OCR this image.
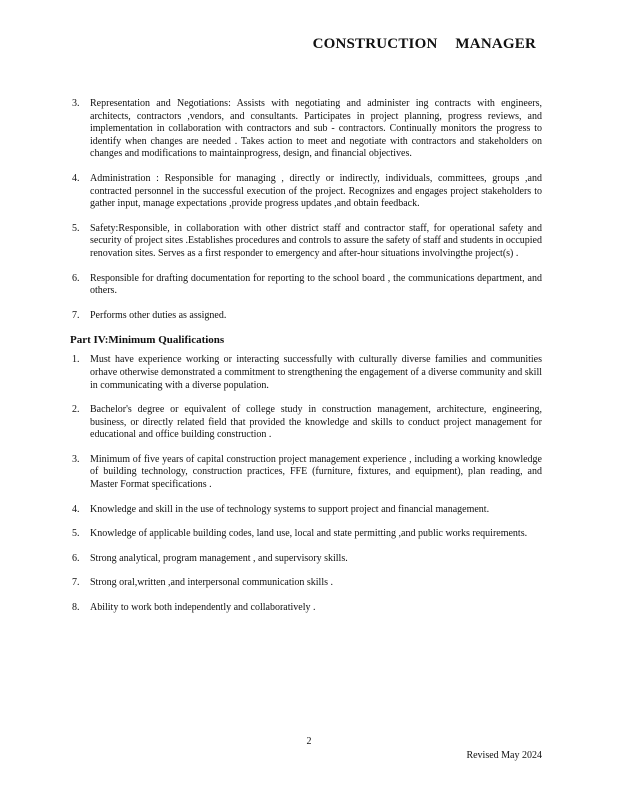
CONSTRUCTION MANAGER
3. Representation and Negotiations: Assists with negotiating and administer ing contracts with engineers, architects, contractors ,vendors, and consultants. Participates in project planning, progress reviews, and implementation in collaboration with contractors and sub - contractors. Continually monitors the progress to identify when changes are needed . Takes action to meet and negotiate with contractors and stakeholders on changes and modifications to maintainprogress, design, and financial objectives.
4. Administration : Responsible for managing , directly or indirectly, individuals, committees, groups ,and contracted personnel in the successful execution of the project. Recognizes and engages project stakeholders to gather input, manage expectations ,provide progress updates ,and obtain feedback.
5. Safety:Responsible, in collaboration with other district staff and contractor staff, for operational safety and security of project sites .Establishes procedures and controls to assure the safety of staff and students in occupied renovation sites. Serves as a first responder to emergency and after-hour situations involvingthe project(s) .
6. Responsible for drafting documentation for reporting to the school board , the communications department, and others.
7. Performs other duties as assigned.
Part IV:Minimum Qualifications
1. Must have experience working or interacting successfully with culturally diverse families and communities orhave otherwise demonstrated a commitment to strengthening the engagement of a diverse community and skill in communicating with a diverse population.
2. Bachelor's degree or equivalent of college study in construction management, architecture, engineering, business, or directly related field that provided the knowledge and skills to conduct project management for educational and office building construction .
3. Minimum of five years of capital construction project management experience , including a working knowledge of building technology, construction practices, FFE (furniture, fixtures, and equipment), plan reading, and Master Format specifications .
4. Knowledge and skill in the use of technology systems to support project and financial management.
5. Knowledge of applicable building codes, land use, local and state permitting ,and public works requirements.
6. Strong analytical, program management , and supervisory skills.
7. Strong oral,written ,and interpersonal communication skills .
8. Ability to work both independently and collaboratively .
2
Revised May 2024
